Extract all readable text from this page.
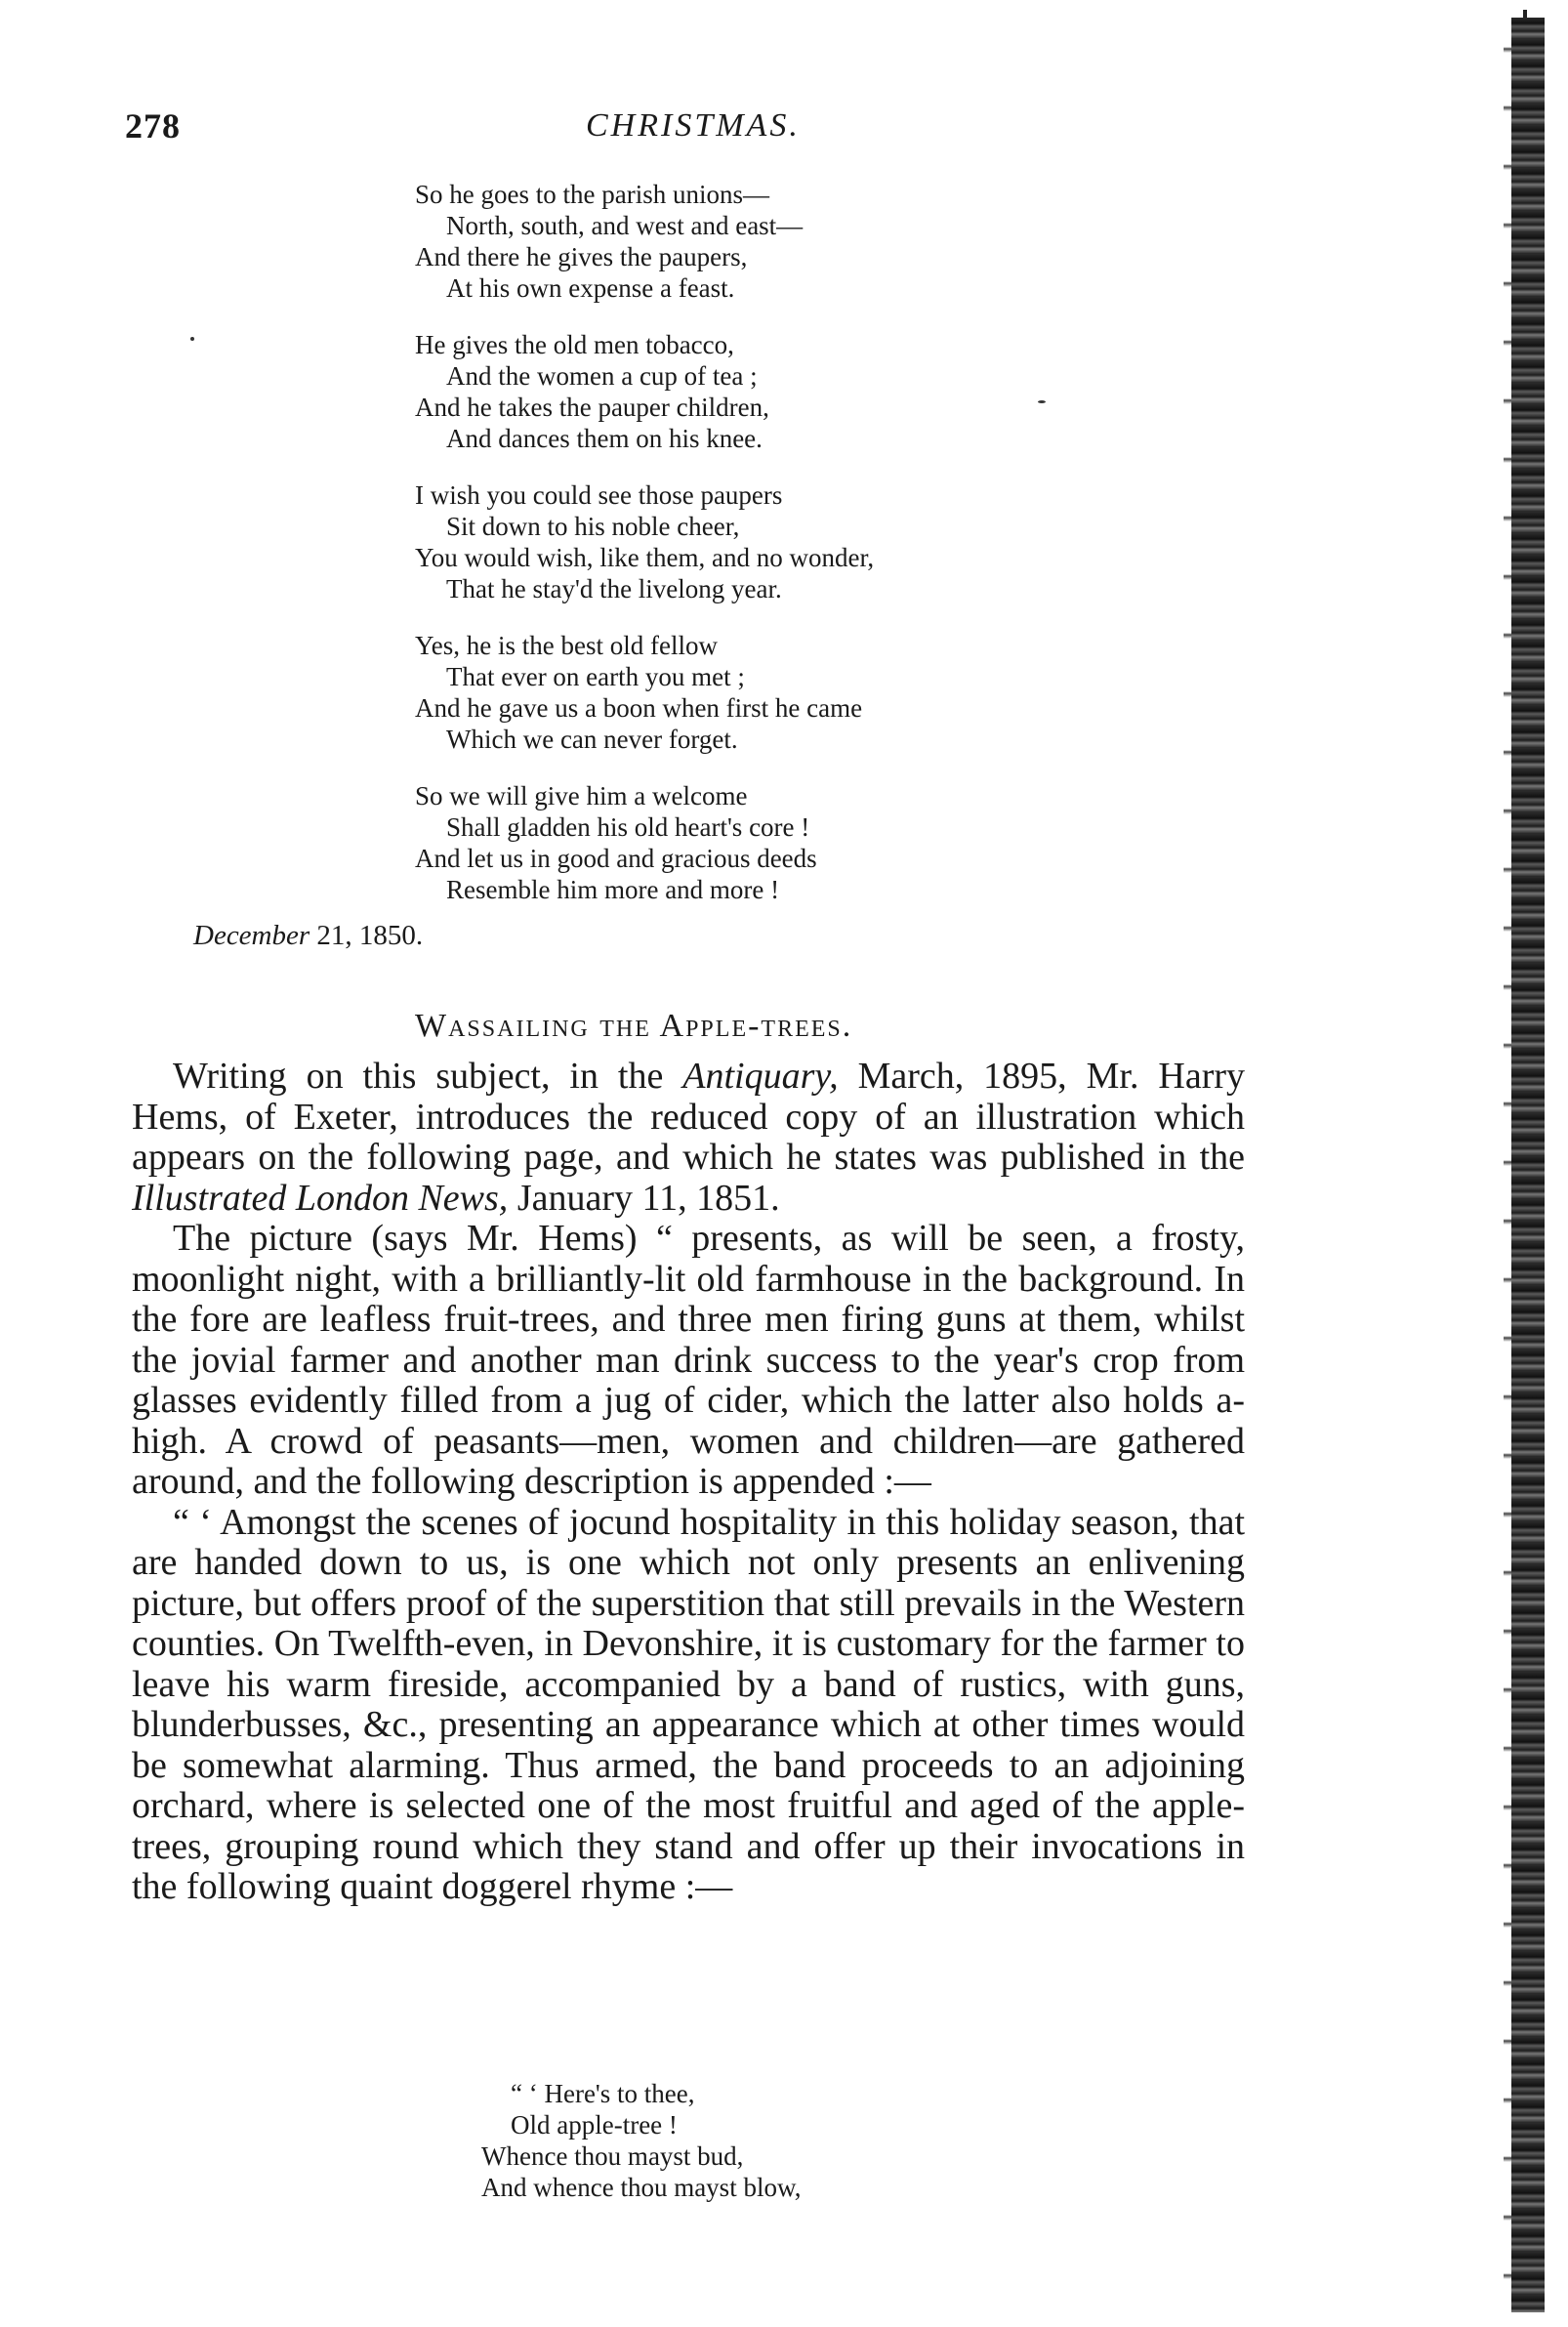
278	CHRISTMAS.
So he goes to the parish unions—
North, south, and west and east—
And there he gives the paupers,
At his own expense a feast.
He gives the old men tobacco,
And the women a cup of tea ;
And he takes the pauper children,
And dances them on his knee.
I wish you could see those paupers
Sit down to his noble cheer,
You would wish, like them, and no wonder,
That he stay'd the livelong year.
Yes, he is the best old fellow
That ever on earth you met ;
And he gave us a boon when first he came
Which we can never forget.
So we will give him a welcome
Shall gladden his old heart's core !
And let us in good and gracious deeds
Resemble him more and more !
December 21, 1850.
Wassailing the Apple-trees.

Writing on this subject, in the Antiquary, March, 1895, Mr. Harry Hems, of Exeter, introduces the reduced copy of an illustration which appears on the following page, and which he states was published in the Illustrated London News, January 11, 1851.

The picture (says Mr. Hems) “ presents, as will be seen, a frosty, moonlight night, with a brilliantly-lit old farmhouse in the background. In the fore are leafless fruit-trees, and three men firing guns at them, whilst the jovial farmer and another man drink success to the year's crop from glasses evidently filled from a jug of cider, which the latter also holds a-high. A crowd of peasants—men, women and children—are gathered around, and the following description is appended :—

“ ‘ Amongst the scenes of jocund hospitality in this holiday season, that are handed down to us, is one which not only presents an enlivening picture, but offers proof of the superstition that still prevails in the Western counties. On Twelfth-even, in Devonshire, it is customary for the farmer to leave his warm fireside, accompanied by a band of rustics, with guns, blunderbusses, &c., presenting an appearance which at other times would be somewhat alarming. Thus armed, the band proceeds to an adjoining orchard, where is selected one of the most fruitful and aged of the apple-trees, grouping round which they stand and offer up their invocations in the following quaint doggerel rhyme :—

“ ‘ Here's to thee,
Old apple-tree !
Whence thou mayst bud,
And whence thou mayst blow,
